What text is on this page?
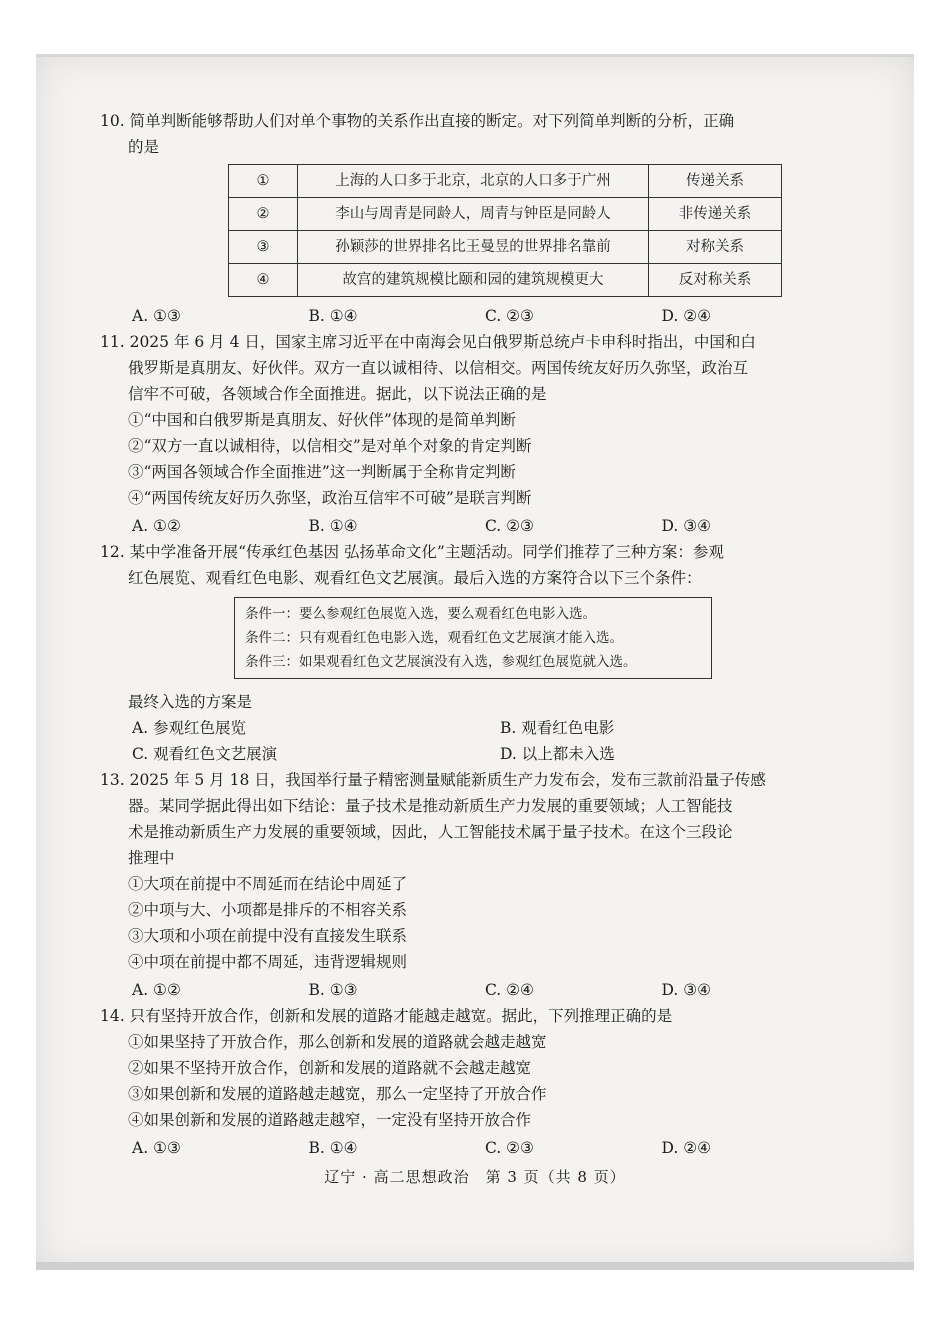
10. 简单判断能够帮助人们对单个事物的关系作出直接的断定。对下列简单判断的分析，正确

的是

①	上海的人口多于北京，北京的人口多于广州	传递关系
②	李山与周青是同龄人，周青与钟臣是同龄人	非传递关系
③	孙颖莎的世界排名比王曼昱的世界排名靠前	对称关系
④	故宫的建筑规模比颐和园的建筑规模更大	反对称关系
A. ①③	B. ①④	C. ②③	D. ②④

11. 2025 年 6 月 4 日，国家主席习近平在中南海会见白俄罗斯总统卢卡申科时指出，中国和白

俄罗斯是真朋友、好伙伴。双方一直以诚相待、以信相交。两国传统友好历久弥坚，政治互

信牢不可破，各领域合作全面推进。据此，以下说法正确的是

①“中国和白俄罗斯是真朋友、好伙伴”体现的是简单判断

②“双方一直以诚相待，以信相交”是对单个对象的肯定判断

③“两国各领域合作全面推进”这一判断属于全称肯定判断

④“两国传统友好历久弥坚，政治互信牢不可破”是联言判断

A. ①②	B. ①④	C. ②③	D. ③④

12. 某中学准备开展“传承红色基因 弘扬革命文化”主题活动。同学们推荐了三种方案：参观

红色展览、观看红色电影、观看红色文艺展演。最后入选的方案符合以下三个条件：

条件一：要么参观红色展览入选，要么观看红色电影入选。
条件二：只有观看红色电影入选，观看红色文艺展演才能入选。
条件三：如果观看红色文艺展演没有入选，参观红色展览就入选。

最终入选的方案是

A. 参观红色展览	B. 观看红色电影
C. 观看红色文艺展演	D. 以上都未入选

13. 2025 年 5 月 18 日，我国举行量子精密测量赋能新质生产力发布会，发布三款前沿量子传感

器。某同学据此得出如下结论：量子技术是推动新质生产力发展的重要领域；人工智能技

术是推动新质生产力发展的重要领域，因此，人工智能技术属于量子技术。在这个三段论

推理中

①大项在前提中不周延而在结论中周延了

②中项与大、小项都是排斥的不相容关系

③大项和小项在前提中没有直接发生联系

④中项在前提中都不周延，违背逻辑规则

A. ①②	B. ①③	C. ②④	D. ③④

14. 只有坚持开放合作，创新和发展的道路才能越走越宽。据此，下列推理正确的是

①如果坚持了开放合作，那么创新和发展的道路就会越走越宽

②如果不坚持开放合作，创新和发展的道路就不会越走越宽

③如果创新和发展的道路越走越宽，那么一定坚持了开放合作

④如果创新和发展的道路越走越窄，一定没有坚持开放合作

A. ①③	B. ①④	C. ②③	D. ②④
辽宁 · 高二思想政治　第 3 页（共 8 页）
